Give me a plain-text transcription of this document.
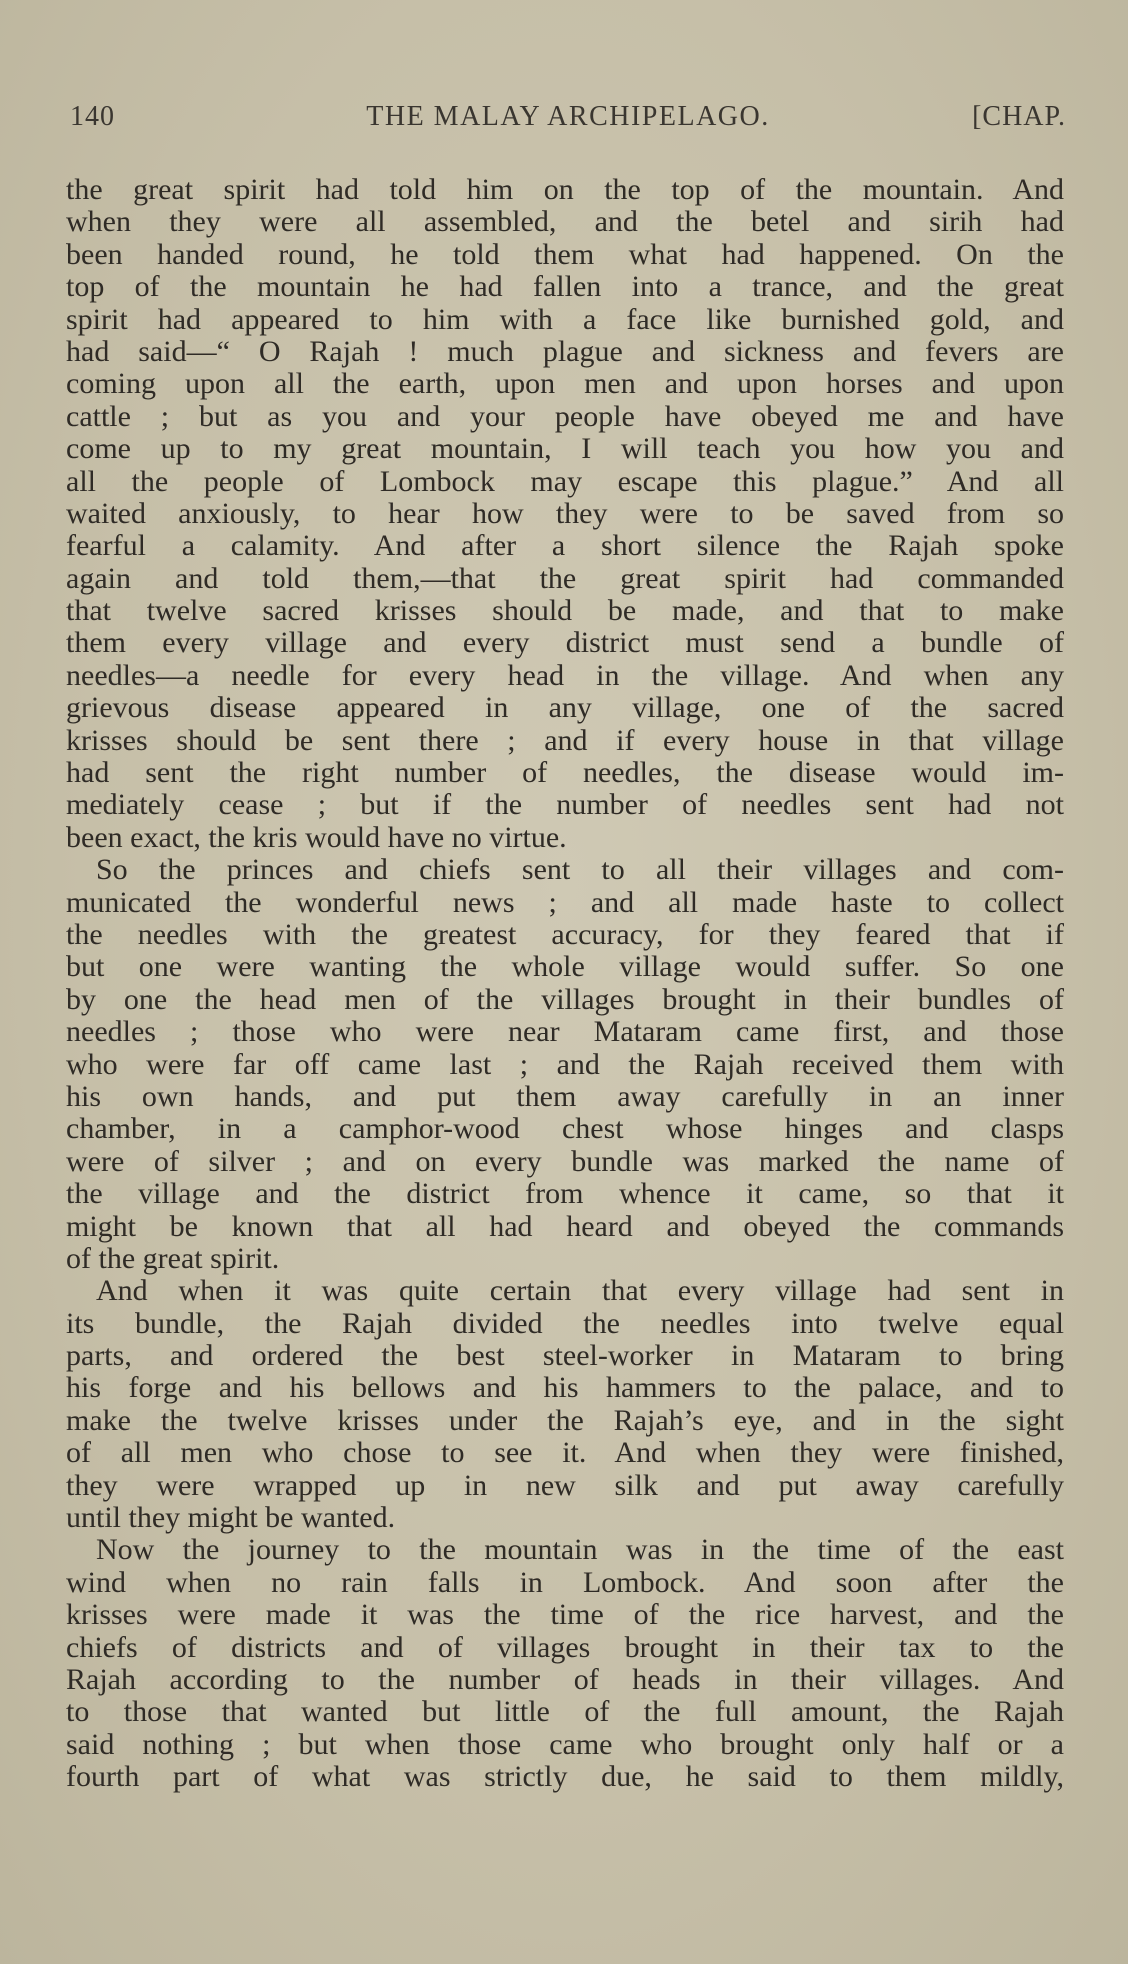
140	THE MALAY ARCHIPELAGO.	[CHAP.
the great spirit had told him on the top of the mountain. And
when they were all assembled, and the betel and sirih had
been handed round, he told them what had happened. On the
top of the mountain he had fallen into a trance, and the great
spirit had appeared to him with a face like burnished gold, and
had said—“ O Rajah ! much plague and sickness and fevers are
coming upon all the earth, upon men and upon horses and upon
cattle ; but as you and your people have obeyed me and have
come up to my great mountain, I will teach you how you and
all the people of Lombock may escape this plague.” And all
waited anxiously, to hear how they were to be saved from so
fearful a calamity. And after a short silence the Rajah spoke
again and told them,—that the great spirit had commanded
that twelve sacred krisses should be made, and that to make
them every village and every district must send a bundle of
needles—a needle for every head in the village. And when any
grievous disease appeared in any village, one of the sacred
krisses should be sent there ; and if every house in that village
had sent the right number of needles, the disease would im-
mediately cease ; but if the number of needles sent had not
been exact, the kris would have no virtue.
So the princes and chiefs sent to all their villages and com-
municated the wonderful news ; and all made haste to collect
the needles with the greatest accuracy, for they feared that if
but one were wanting the whole village would suffer. So one
by one the head men of the villages brought in their bundles of
needles ; those who were near Mataram came first, and those
who were far off came last ; and the Rajah received them with
his own hands, and put them away carefully in an inner
chamber, in a camphor-wood chest whose hinges and clasps
were of silver ; and on every bundle was marked the name of
the village and the district from whence it came, so that it
might be known that all had heard and obeyed the commands
of the great spirit.
And when it was quite certain that every village had sent in
its bundle, the Rajah divided the needles into twelve equal
parts, and ordered the best steel-worker in Mataram to bring
his forge and his bellows and his hammers to the palace, and to
make the twelve krisses under the Rajah’s eye, and in the sight
of all men who chose to see it. And when they were finished,
they were wrapped up in new silk and put away carefully
until they might be wanted.
Now the journey to the mountain was in the time of the east
wind when no rain falls in Lombock. And soon after the
krisses were made it was the time of the rice harvest, and the
chiefs of districts and of villages brought in their tax to the
Rajah according to the number of heads in their villages. And
to those that wanted but little of the full amount, the Rajah
said nothing ; but when those came who brought only half or a
fourth part of what was strictly due, he said to them mildly,
